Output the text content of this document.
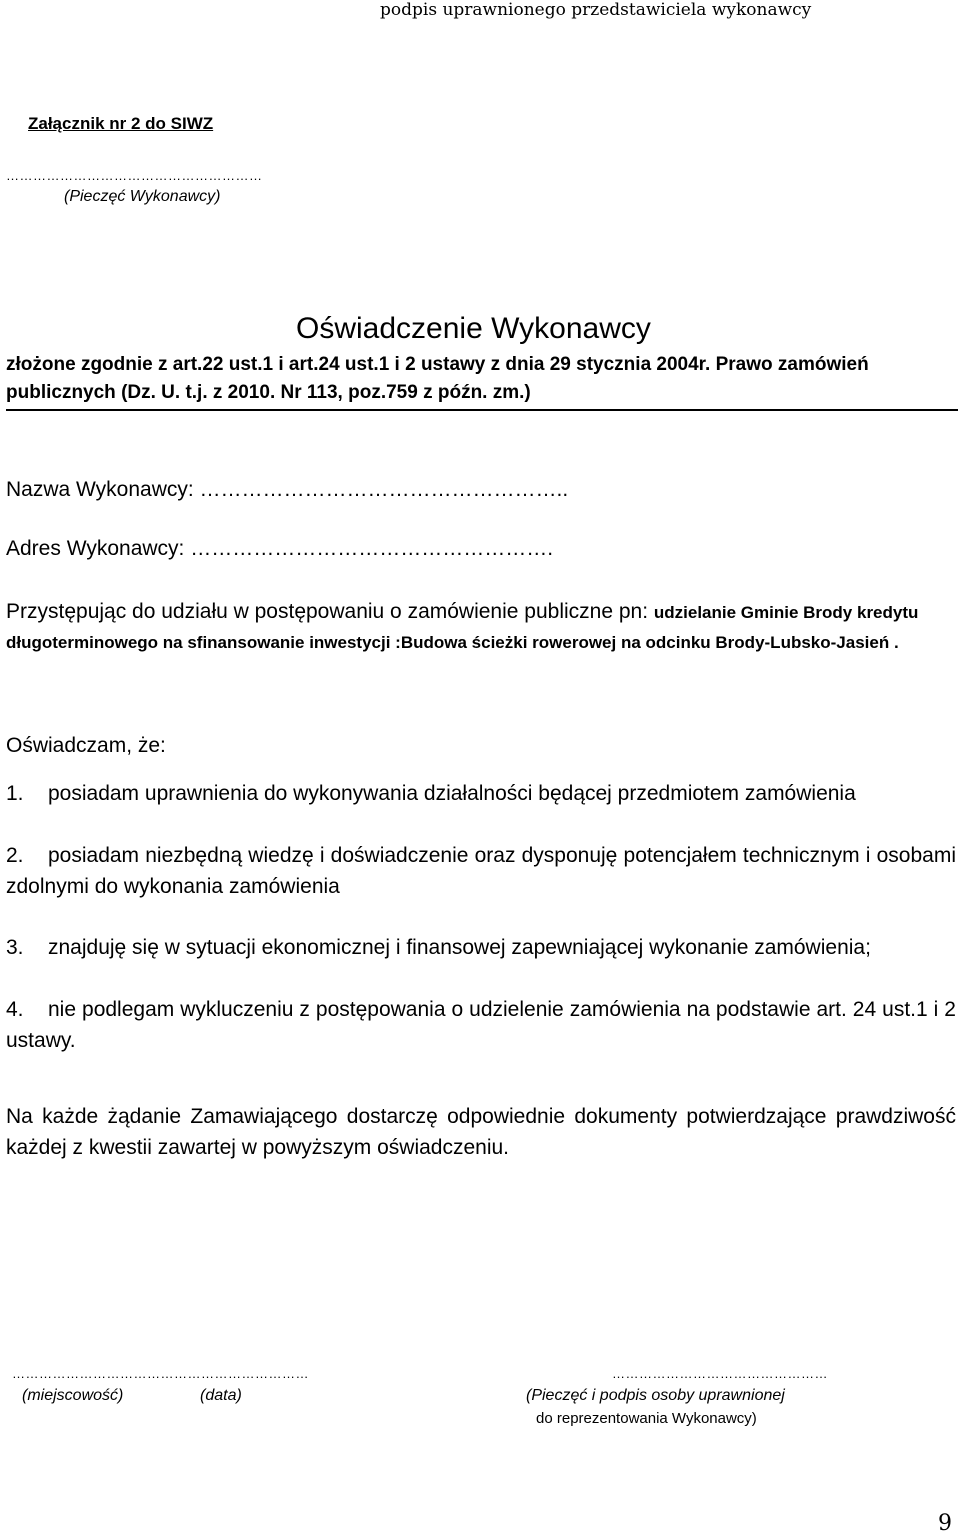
podpis uprawnionego przedstawiciela wykonawcy
Załącznik nr 2 do SIWZ
…………………………………………………
(Pieczęć Wykonawcy)
Oświadczenie Wykonawcy
złożone zgodnie z art.22 ust.1 i art.24 ust.1 i 2 ustawy z dnia 29 stycznia 2004r. Prawo zamówień
publicznych (Dz. U. t.j. z 2010. Nr 113, poz.759 z późn. zm.)
Nazwa Wykonawcy: ……………………………………………..
Adres Wykonawcy: …………………………………………….
Przystępując do udziału w postępowaniu o zamówienie publiczne pn: udzielanie Gminie Brody kredytu długoterminowego na sfinansowanie inwestycji :Budowa ścieżki rowerowej na odcinku Brody-Lubsko-Jasień .
Oświadczam, że:
1. posiadam uprawnienia do wykonywania działalności będącej przedmiotem zamówienia
2. posiadam niezbędną wiedzę i doświadczenie oraz dysponuję potencjałem technicznym i osobami zdolnymi do wykonania zamówienia
3. znajduję się w sytuacji ekonomicznej i finansowej zapewniającej wykonanie zamówienia;
4. nie podlegam wykluczeniu z postępowania o udzielenie zamówienia na podstawie art. 24 ust.1 i 2 ustawy.
Na każde żądanie Zamawiającego dostarczę odpowiednie dokumenty potwierdzające prawdziwość każdej z kwestii zawartej w powyższym oświadczeniu.
…………………………………………………………	…………………………………………
(miejscowość)	(data)	(Pieczęć i podpis osoby uprawnionej
do reprezentowania Wykonawcy)
9
